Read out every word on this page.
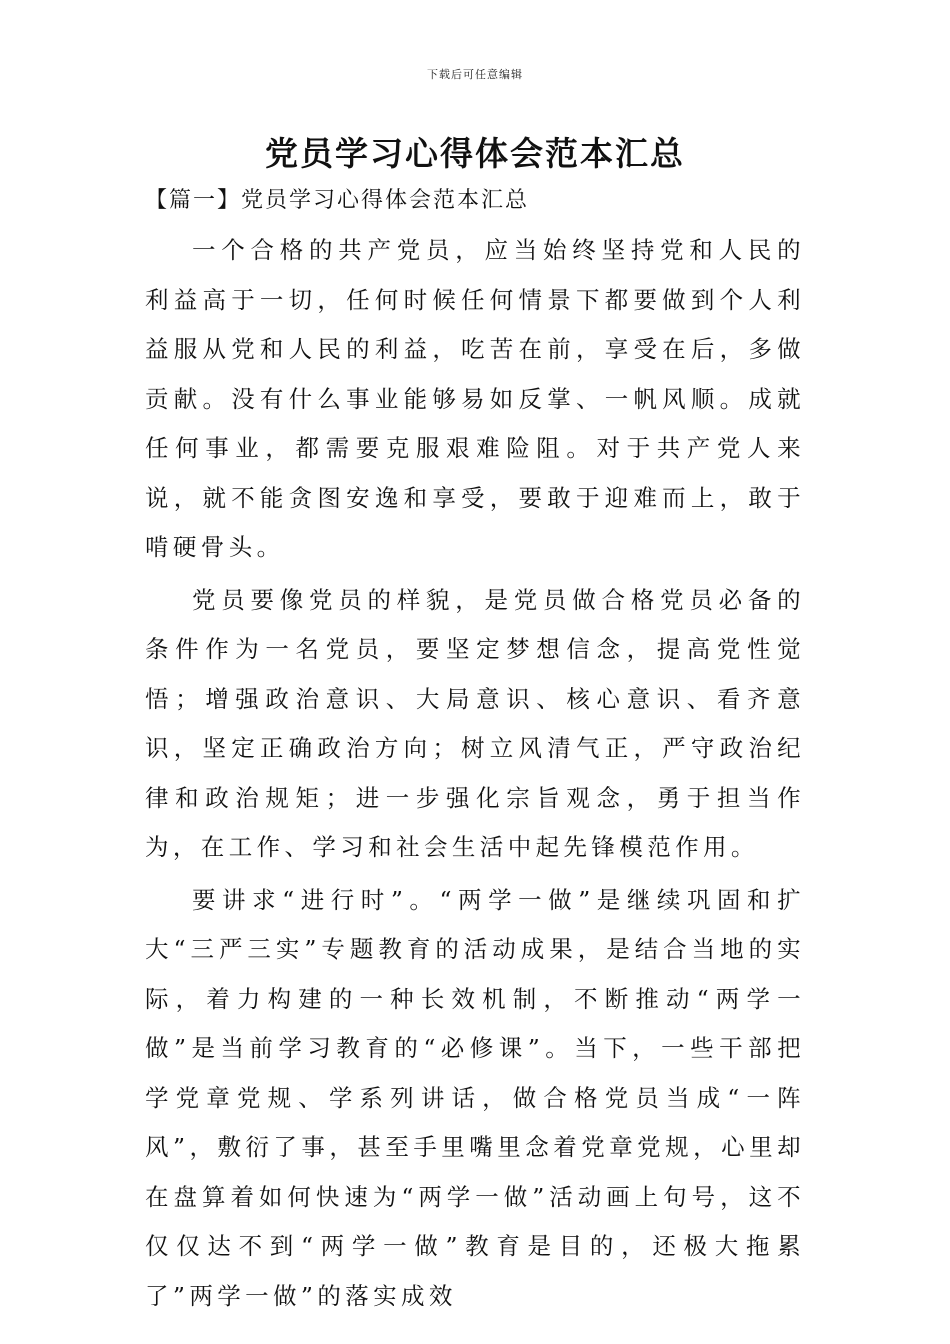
下载后可任意编辑
党员学习心得体会范本汇总
【篇一】党员学习心得体会范本汇总

一个合格的共产党员，应当始终坚持党和人民的利益高于一切，任何时候任何情景下都要做到个人利益服从党和人民的利益，吃苦在前，享受在后，多做贡献。没有什么事业能够易如反掌、一帆风顺。成就任何事业，都需要克服艰难险阻。对于共产党人来说，就不能贪图安逸和享受，要敢于迎难而上，敢于啃硬骨头。

党员要像党员的样貌，是党员做合格党员必备的条件作为一名党员，要坚定梦想信念，提高党性觉悟；增强政治意识、大局意识、核心意识、看齐意识，坚定正确政治方向；树立风清气正，严守政治纪律和政治规矩；进一步强化宗旨观念，勇于担当作为，在工作、学习和社会生活中起先锋模范作用。

要讲求“进行时”。“两学一做”是继续巩固和扩大“三严三实”专题教育的活动成果，是结合当地的实际，着力构建的一种长效机制，不断推动“两学一做”是当前学习教育的“必修课”。当下，一些干部把学党章党规、学系列讲话，做合格党员当成“一阵风”，敷衍了事，甚至手里嘴里念着党章党规，心里却在盘算着如何快速为“两学一做”活动画上句号，这不仅仅达不到“两学一做”教育是目的，还极大拖累了”两学一做”的落实成效
